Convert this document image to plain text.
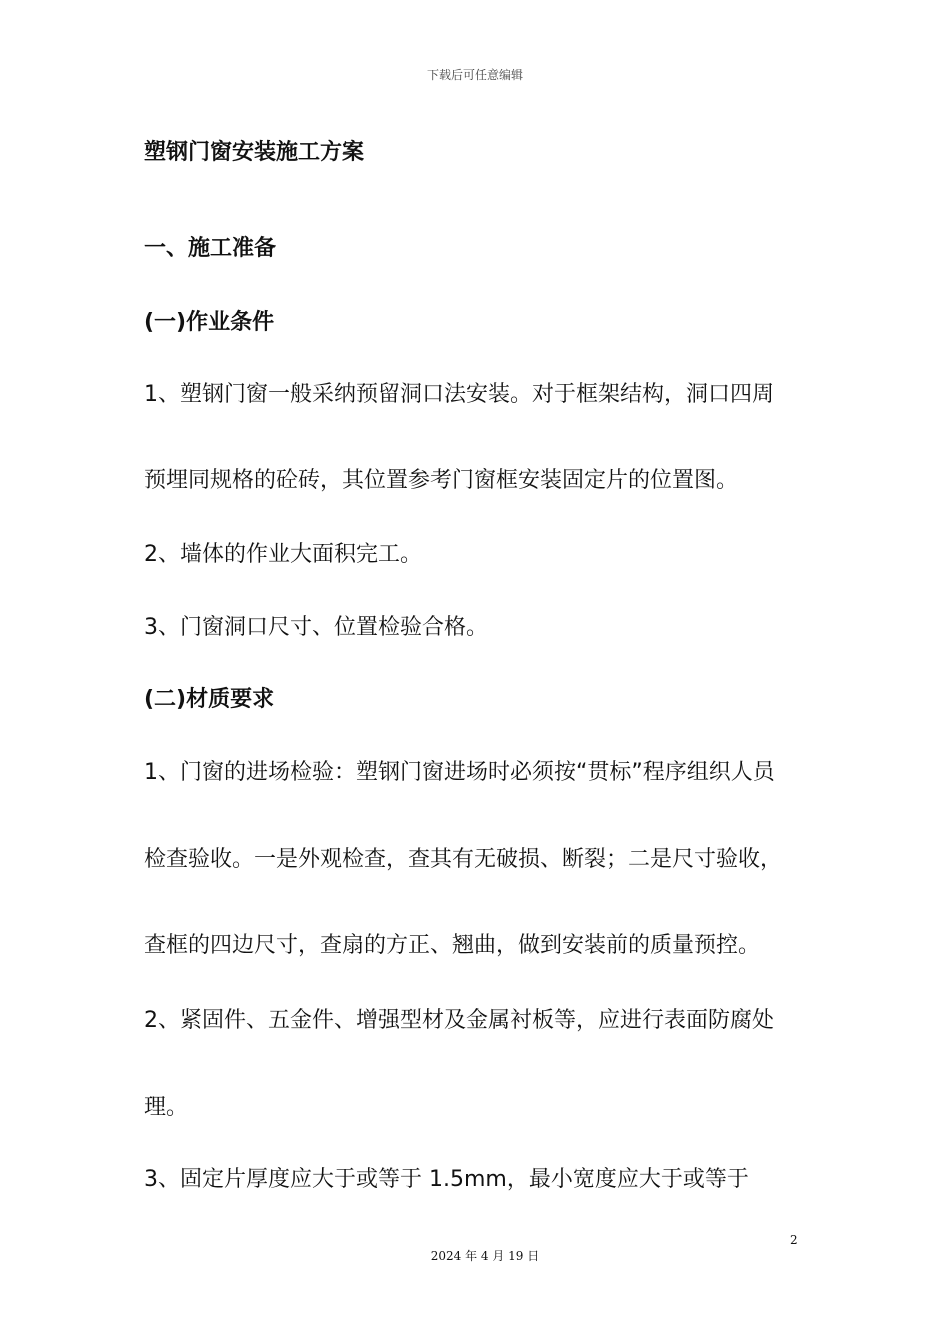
下载后可任意编辑
塑钢门窗安装施工方案
一、施工准备
(一)作业条件
1、塑钢门窗一般采纳预留洞口法安装。对于框架结构，洞口四周
预埋同规格的砼砖，其位置参考门窗框安装固定片的位置图。
2、墙体的作业大面积完工。
3、门窗洞口尺寸、位置检验合格。
(二)材质要求
1、门窗的进场检验：塑钢门窗进场时必须按“贯标”程序组织人员
检查验收。一是外观检查，查其有无破损、断裂；二是尺寸验收，
查框的四边尺寸，查扇的方正、翘曲，做到安装前的质量预控。
2、紧固件、五金件、增强型材及金属衬板等，应进行表面防腐处
理。
3、固定片厚度应大于或等于 1.5mm，最小宽度应大于或等于
2
2024 年 4 月 19 日
